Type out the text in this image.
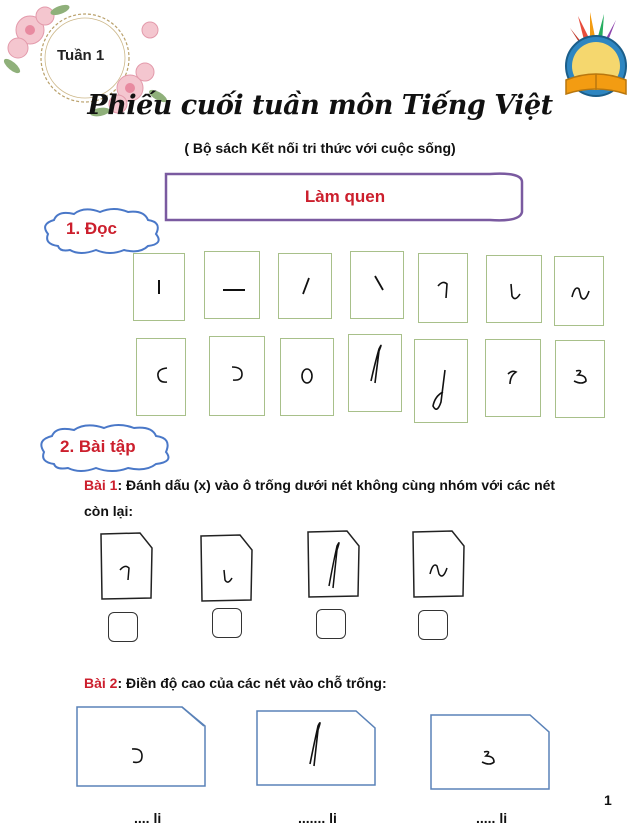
Tuần 1
Phiếu cuối tuần môn Tiếng Việt
( Bộ sách Kết nối tri thức với cuộc sống)
Làm quen
1. Đọc
2. Bài tập
Bài 1: Đánh dấu (x) vào ô trống dưới nét không cùng nhóm với các nét
còn lại:
Bài 2: Điền độ cao của các nét vào chỗ trống:
.... li	....... li	..... li
1
